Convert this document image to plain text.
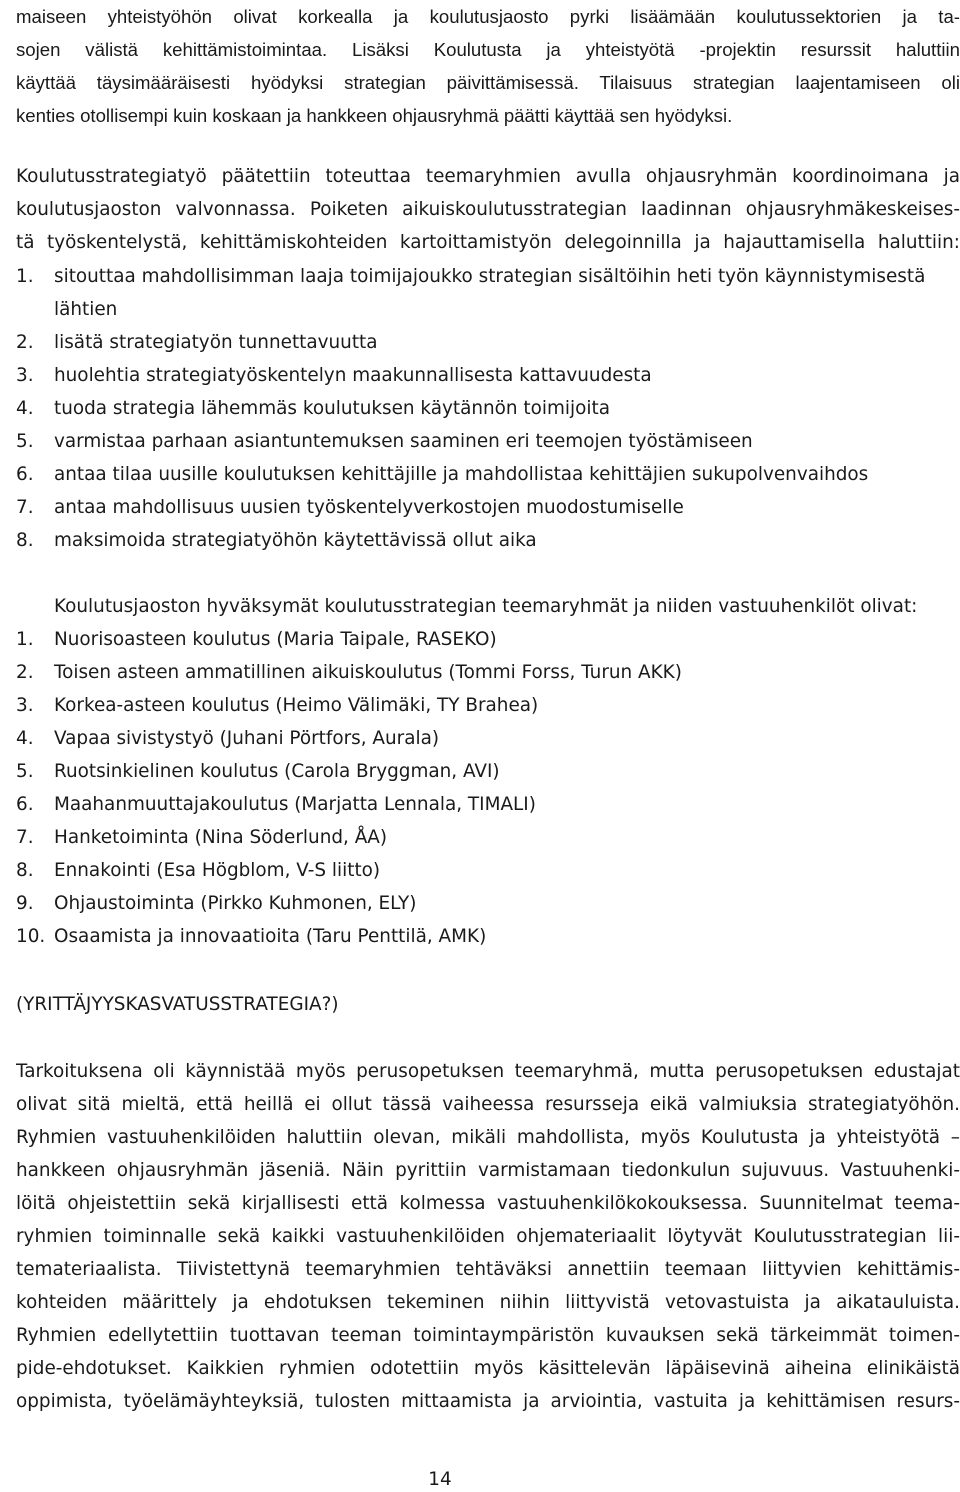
maiseen yhteistyöhön olivat korkealla ja koulutusjaosto pyrki lisäämään koulutussektorien ja ta-
sojen välistä kehittämistoimintaa. Lisäksi Koulutusta ja yhteistyötä -projektin resurssit haluttiin
käyttää täysimääräisesti hyödyksi strategian päivittämisessä. Tilaisuus strategian laajentamiseen oli
kenties otollisempi kuin koskaan ja hankkeen ohjausryhmä päätti käyttää sen hyödyksi.
Koulutusstrategiatyö päätettiin toteuttaa teemaryhmien avulla ohjausryhmän koordinoimana ja
koulutusjaoston valvonnassa. Poiketen aikuiskoulutusstrategian laadinnan ohjausryhmäkeskeises-
tä työskentelystä, kehittämiskohteiden kartoittamistyön delegoinnilla ja hajauttamisella haluttiin:
1. sitouttaa mahdollisimman laaja toimijajoukko strategian sisältöihin heti työn käynnistymisestä
lähtien
2. lisätä strategiatyön tunnettavuutta
3. huolehtia strategiatyöskentelyn maakunnallisesta kattavuudesta
4. tuoda strategia lähemmäs koulutuksen käytännön toimijoita
5. varmistaa parhaan asiantuntemuksen saaminen eri teemojen työstämiseen
6. antaa tilaa uusille koulutuksen kehittäjille ja mahdollistaa kehittäjien sukupolvenvaihdos
7. antaa mahdollisuus uusien työskentelyverkostojen muodostumiselle
8. maksimoida strategiatyöhön käytettävissä ollut aika
Koulutusjaoston hyväksymät koulutusstrategian teemaryhmät ja niiden vastuuhenkilöt olivat:
1. Nuorisoasteen koulutus (Maria Taipale, RASEKO)
2. Toisen asteen ammatillinen aikuiskoulutus (Tommi Forss, Turun AKK)
3. Korkea-asteen koulutus (Heimo Välimäki, TY Brahea)
4. Vapaa sivistystyö (Juhani Pörtfors, Aurala)
5. Ruotsinkielinen koulutus (Carola Bryggman, AVI)
6. Maahanmuuttajakoulutus (Marjatta Lennala, TIMALI)
7. Hanketoiminta (Nina Söderlund, ÅA)
8. Ennakointi (Esa Högblom, V-S liitto)
9. Ohjaustoiminta (Pirkko Kuhmonen, ELY)
10. Osaamista ja innovaatioita (Taru Penttilä, AMK)
(YRITTÄJYYSKASVATUSSTRATEGIA?)
Tarkoituksena oli käynnistää myös perusopetuksen teemaryhmä, mutta perusopetuksen edustajat
olivat sitä mieltä, että heillä ei ollut tässä vaiheessa resursseja eikä valmiuksia strategiatyöhön.
Ryhmien vastuuhenkilöiden haluttiin olevan, mikäli mahdollista, myös Koulutusta ja yhteistyötä –
hankkeen ohjausryhmän jäseniä. Näin pyrittiin varmistamaan tiedonkulun sujuvuus. Vastuuhenki-
löitä ohjeistettiin sekä kirjallisesti että kolmessa vastuuhenkilökokouksessa. Suunnitelmat teema-
ryhmien toiminnalle sekä kaikki vastuuhenkilöiden ohjemateriaalit löytyvät Koulutusstrategian lii-
temateriaalista. Tiivistettynä teemaryhmien tehtäväksi annettiin teemaan liittyvien kehittämis-
kohteiden määrittely ja ehdotuksen tekeminen niihin liittyvistä vetovastuista ja aikatauluista.
Ryhmien edellytettiin tuottavan teeman toimintaympäristön kuvauksen sekä tärkeimmät toimen-
pide-ehdotukset. Kaikkien ryhmien odotettiin myös käsittelevän läpäisevinä aiheina elinikäistä
oppimista, työelämäyhteyksiä, tulosten mittaamista ja arviointia, vastuita ja kehittämisen resurs-
14
